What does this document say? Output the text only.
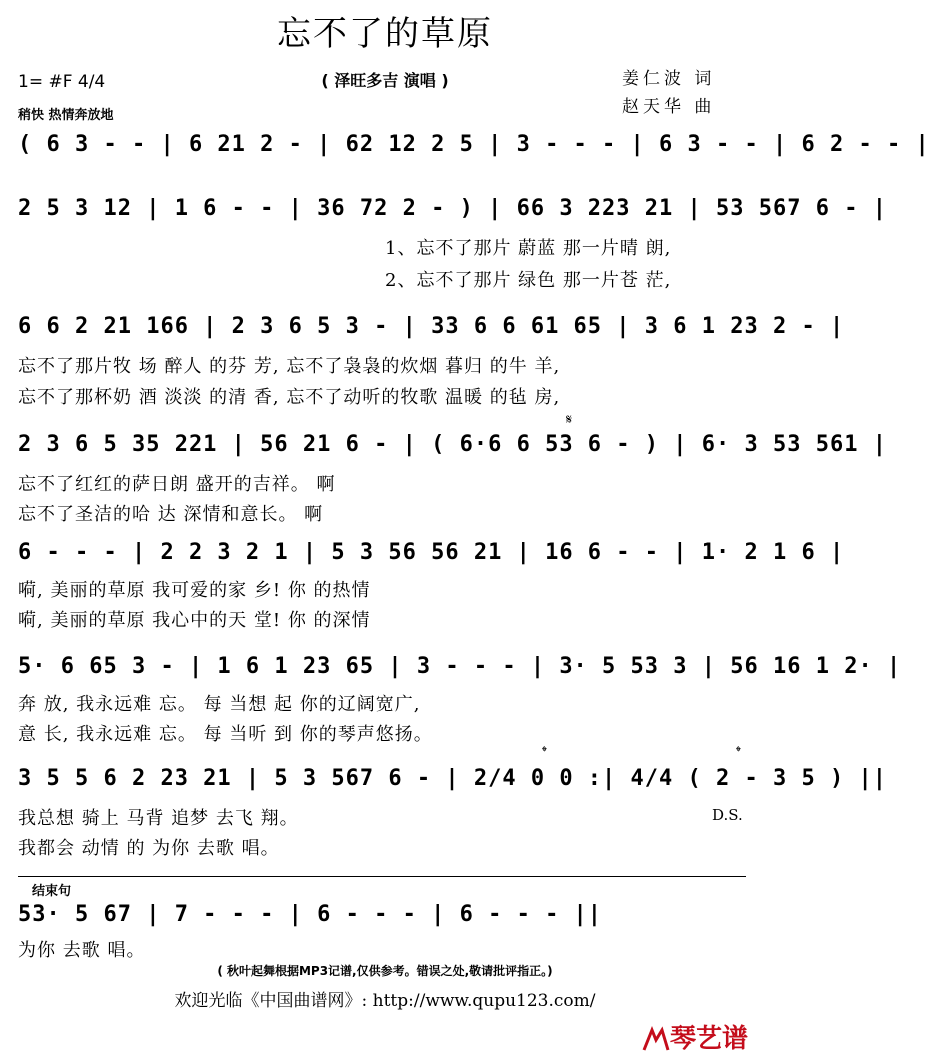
忘不了的草原
( 泽旺多吉 演唱 )
1= #F 4/4
稍快 热情奔放地
姜仁波 词
赵天华 曲
( 6 3 - - | 6 21 2 - | 62 12 2 5 | 3 - - - | 6 3 - - | 6 2 - - |
2 5 3 12 | 1 6 - - | 36 72 2 - ) | 66 3 223 21 | 53 567 6 - |
1、忘不了那片 蔚蓝 那一片晴 朗,
2、忘不了那片 绿色 那一片苍 茫,
6 6 2 21 166 | 2 3 6 5 3 - | 33 6 6 61 65 | 3 6 1 23 2 - |
忘不了那片牧 场 醉人 的芬 芳, 忘不了袅袅的炊烟 暮归 的牛 羊,
忘不了那杯奶 酒 淡淡 的清 香, 忘不了动听的牧歌 温暖 的毡 房,
𝄋
2 3 6 5 35 221 | 56 21 6 - | ( 6·6 6 53 6 - ) | 6· 3 53 561 |
忘不了红红的萨日朗 盛开的吉祥。 啊
忘不了圣洁的哈 达 深情和意长。 啊
6 - - - | 2 2 3 2 1 | 5 3 56 56 21 | 16 6 - - | 1· 2 1 6 |
嗬, 美丽的草原 我可爱的家 乡! 你 的热情
嗬, 美丽的草原 我心中的天 堂! 你 的深情
5· 6 65 3 - | 1 6 1 23 65 | 3 - - - | 3· 5 53 3 | 56 16 1 2· |
奔 放, 我永远难 忘。 每 当想 起 你的辽阔宽广,
意 长, 我永远难 忘。 每 当听 到 你的琴声悠扬。
𝄌	𝄌
3 5 5 6 2 23 21 | 5 3 567 6 - | 2/4 0 0 :| 4/4 ( 2 - 3 5 ) ||
我总想 骑上 马背 追梦 去飞 翔。
我都会 动情 的 为你 去歌 唱。
D.S.
结束句
53· 5 67 | 7 - - - | 6 - - - | 6 - - - ||
为你 去歌 唱。
( 秋叶起舞根据MP3记谱,仅供参考。错误之处,敬请批评指正。)
欢迎光临《中国曲谱网》: http://www.qupu123.com/
琴艺谱
